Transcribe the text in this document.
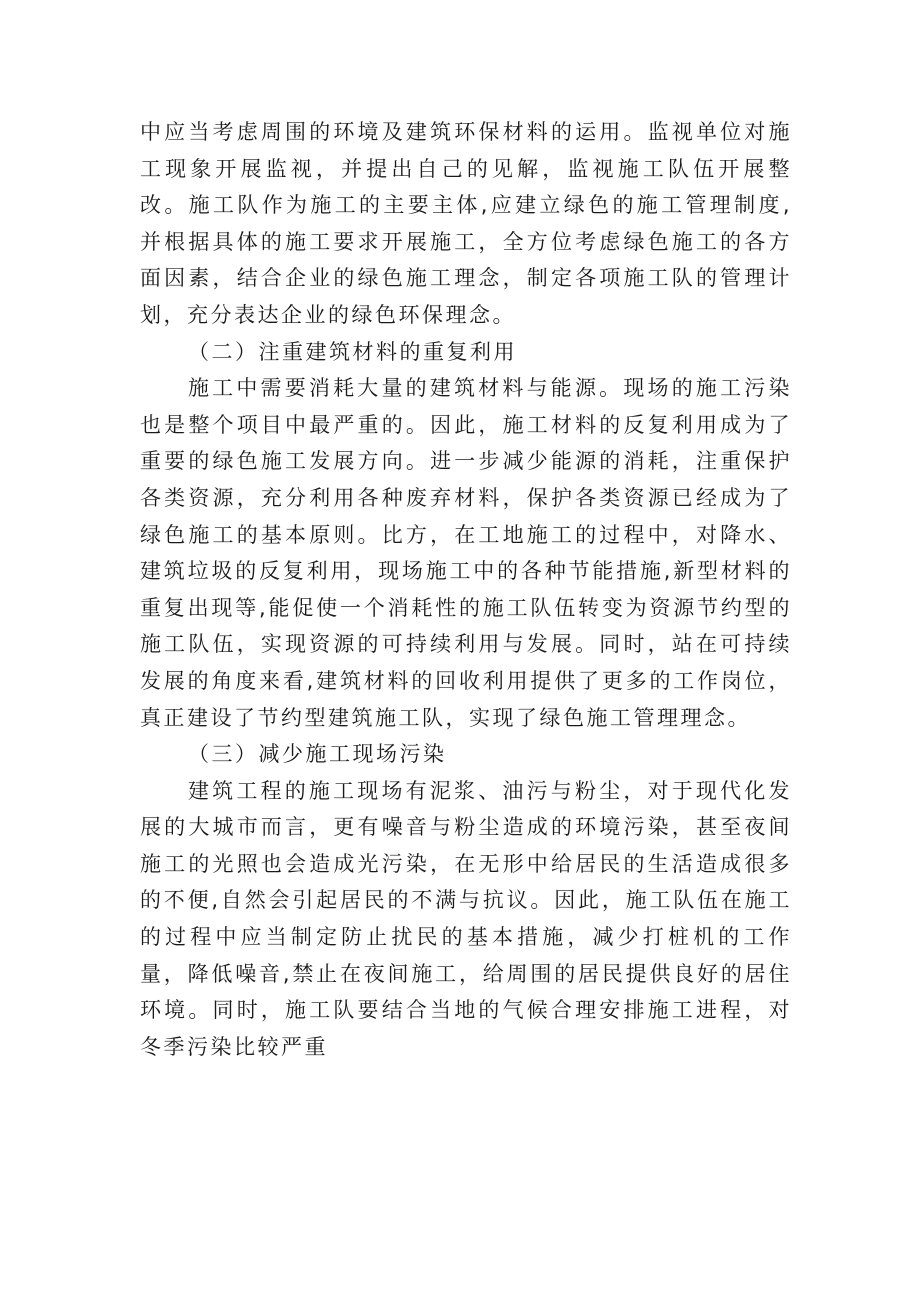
中应当考虑周围的环境及建筑环保材料的运用。监视单位对施工现象开展监视，并提出自己的见解，监视施工队伍开展整改。施工队作为施工的主要主体,应建立绿色的施工管理制度,并根据具体的施工要求开展施工，全方位考虑绿色施工的各方面因素，结合企业的绿色施工理念，制定各项施工队的管理计划，充分表达企业的绿色环保理念。

（二）注重建筑材料的重复利用

施工中需要消耗大量的建筑材料与能源。现场的施工污染也是整个项目中最严重的。因此，施工材料的反复利用成为了重要的绿色施工发展方向。进一步减少能源的消耗，注重保护各类资源，充分利用各种废弃材料，保护各类资源已经成为了绿色施工的基本原则。比方，在工地施工的过程中，对降水、建筑垃圾的反复利用，现场施工中的各种节能措施,新型材料的重复出现等,能促使一个消耗性的施工队伍转变为资源节约型的施工队伍，实现资源的可持续利用与发展。同时，站在可持续发展的角度来看,建筑材料的回收利用提供了更多的工作岗位，真正建设了节约型建筑施工队，实现了绿色施工管理理念。

（三）减少施工现场污染

建筑工程的施工现场有泥浆、油污与粉尘，对于现代化发展的大城市而言，更有噪音与粉尘造成的环境污染，甚至夜间施工的光照也会造成光污染，在无形中给居民的生活造成很多的不便,自然会引起居民的不满与抗议。因此，施工队伍在施工的过程中应当制定防止扰民的基本措施，减少打桩机的工作量，降低噪音,禁止在夜间施工，给周围的居民提供良好的居住环境。同时，施工队要结合当地的气候合理安排施工进程，对冬季污染比较严重
